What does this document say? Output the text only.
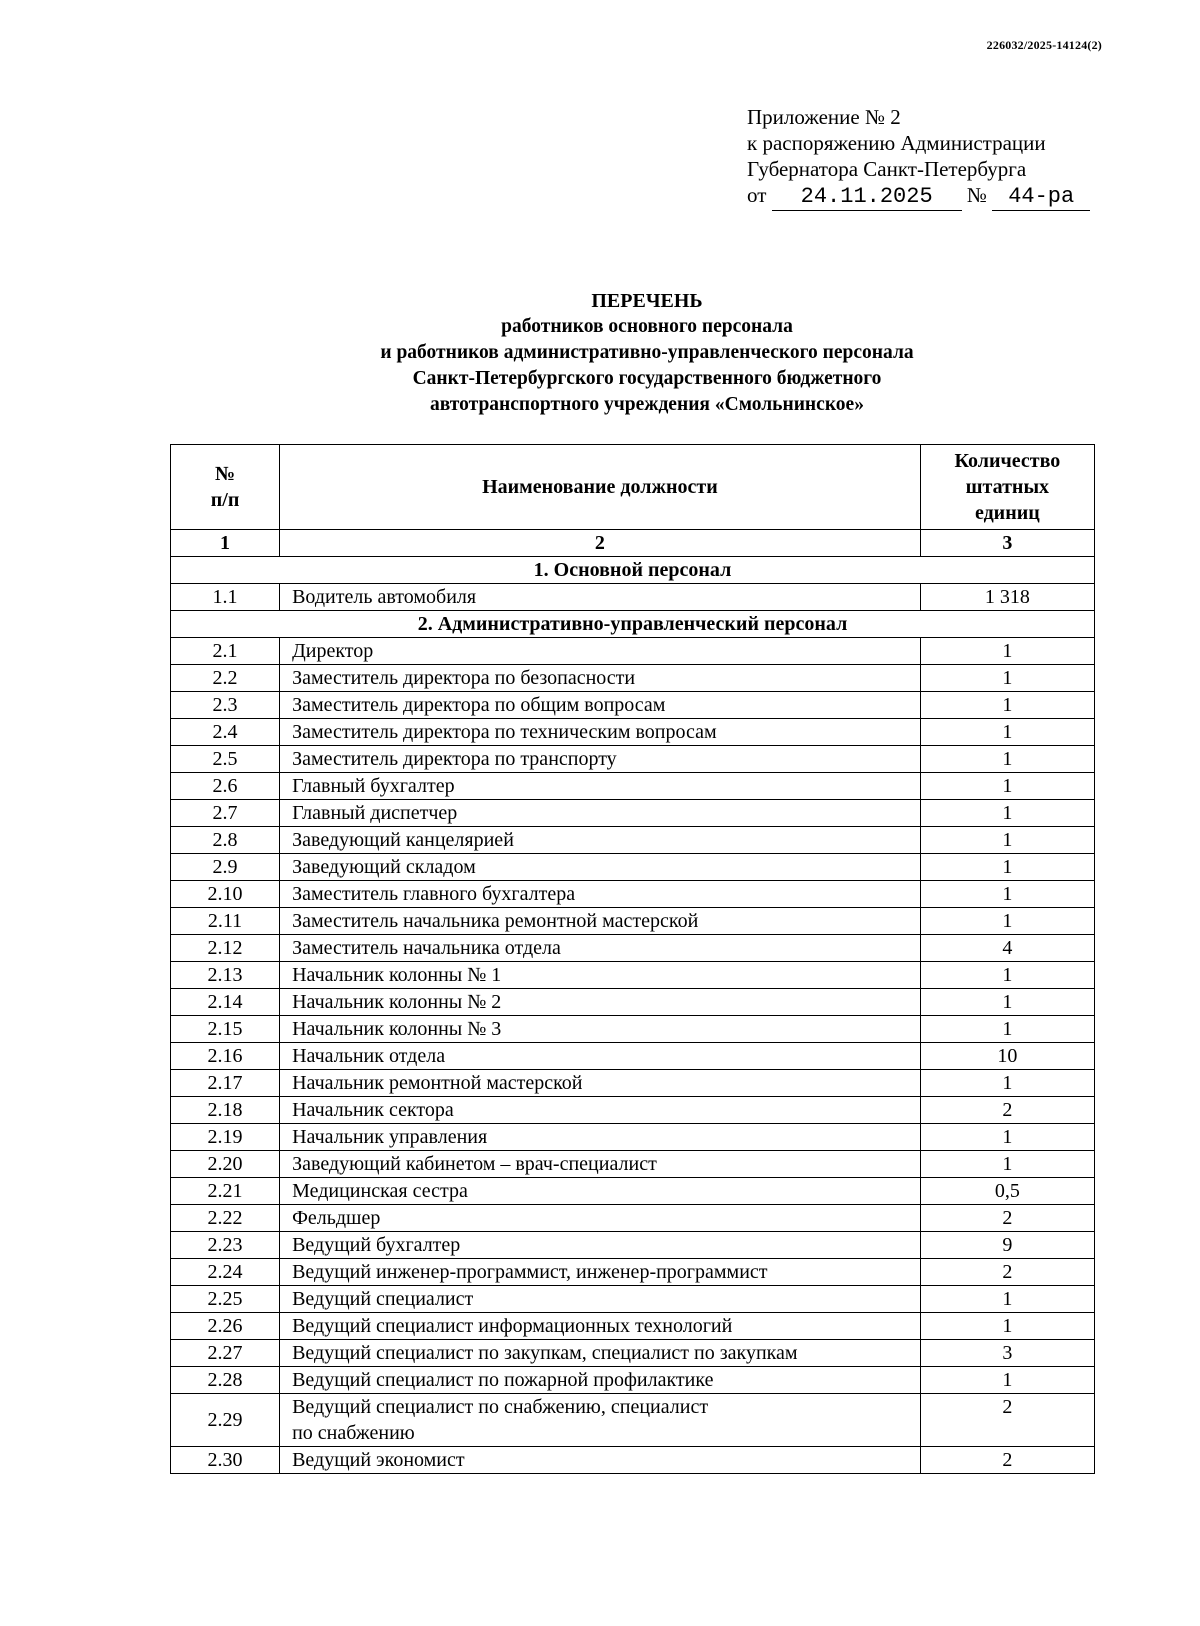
226032/2025-14124(2)
Приложение № 2
к распоряжению Администрации
Губернатора Санкт-Петербурга
от 24.11.2025 № 44-ра
ПЕРЕЧЕНЬ
работников основного персонала
и работников административно-управленческого персонала
Санкт-Петербургского государственного бюджетного
автотранспортного учреждения «Смольнинское»
№
п/п	Наименование должности	Количество
штатных
единиц
1	2	3
1. Основной персонал		
1.1	Водитель автомобиля	1 318
2. Административно-управленческий персонал		
2.1	Директор	1
2.2	Заместитель директора по безопасности	1
2.3	Заместитель директора по общим вопросам	1
2.4	Заместитель директора по техническим вопросам	1
2.5	Заместитель директора по транспорту	1
2.6	Главный бухгалтер	1
2.7	Главный диспетчер	1
2.8	Заведующий канцелярией	1
2.9	Заведующий складом	1
2.10	Заместитель главного бухгалтера	1
2.11	Заместитель начальника ремонтной мастерской	1
2.12	Заместитель начальника отдела	4
2.13	Начальник колонны № 1	1
2.14	Начальник колонны № 2	1
2.15	Начальник колонны № 3	1
2.16	Начальник отдела	10
2.17	Начальник ремонтной мастерской	1
2.18	Начальник сектора	2
2.19	Начальник управления	1
2.20	Заведующий кабинетом – врач-специалист	1
2.21	Медицинская сестра	0,5
2.22	Фельдшер	2
2.23	Ведущий бухгалтер	9
2.24	Ведущий инженер-программист, инженер-программист	2
2.25	Ведущий специалист	1
2.26	Ведущий специалист информационных технологий	1
2.27	Ведущий специалист по закупкам, специалист по закупкам	3
2.28	Ведущий специалист по пожарной профилактике	1
2.29	Ведущий специалист по снабжению, специалист
по снабжению	2
2.30	Ведущий экономист	2
